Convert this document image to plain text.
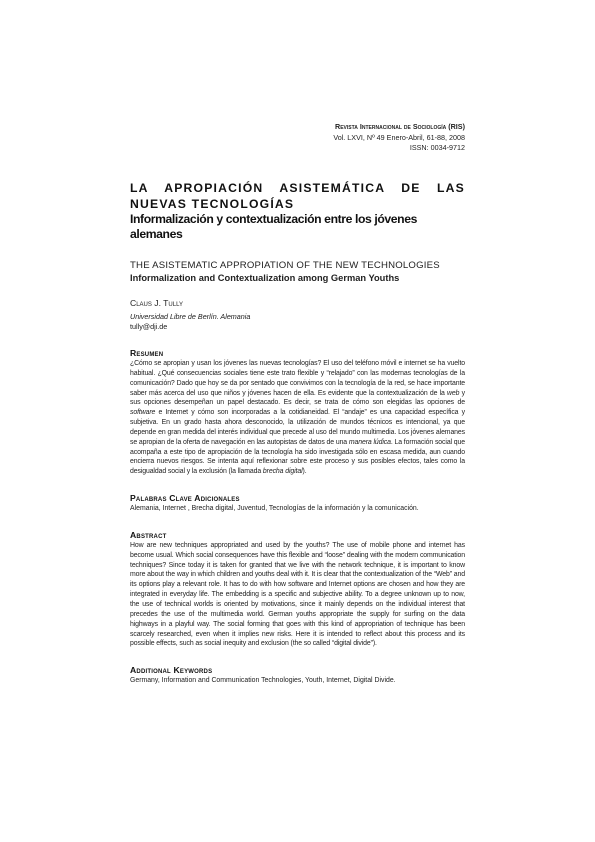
Revista Internacional de Sociología (RIS)
Vol. LXVI, Nº 49 Enero-Abril, 61-88, 2008
ISSN: 0034-9712
LA APROPIACIÓN ASISTEMÁTICA DE LAS NUEVAS TECNOLOGÍAS
Informalización y contextualización entre los jóvenes alemanes
THE ASISTEMATIC APPROPIATION OF THE NEW TECHNOLOGIES
Informalization and Contextualization among German Youths
Claus J. Tully
Universidad Libre de Berlín. Alemania
tully@dji.de
Resumen

¿Cómo se apropian y usan los jóvenes las nuevas tecnologías? El uso del teléfono móvil e internet se ha vuelto habitual. ¿Qué consecuencias sociales tiene este trato flexible y “relajado” con las modernas tecnologías de la comunicación? Dado que hoy se da por sentado que convivimos con la tecnología de la red, se hace importante saber más acerca del uso que niños y jóvenes hacen de ella. Es evidente que la contextualización de la web y sus opciones desempeñan un papel destacado. Es decir, se trata de cómo son elegidas las opciones de software e Internet y cómo son incorporadas a la cotidianeidad. El “andaje” es una capacidad específica y subjetiva. En un grado hasta ahora desconocido, la utilización de mundos técnicos es intencional, ya que depende en gran medida del interés individual que precede al uso del mundo multimedia. Los jóvenes alemanes se apropian de la oferta de navegación en las autopistas de datos de una manera lúdica. La formación social que acompaña a este tipo de apropiación de la tecnología ha sido investigada sólo en escasa medida, aun cuando encierra nuevos riesgos. Se intenta aquí reflexionar sobre este proceso y sus posibles efectos, tales como la desigualdad social y la exclusión (la llamada brecha digital).

Palabras Clave Adicionales

Alemania, Internet , Brecha digital, Juventud, Tecnologías de la información y la comunicación.

Abstract

How are new techniques appropriated and used by the youths? The use of mobile phone and internet has become usual. Which social consequences have this flexible and “loose” dealing with the modern communication techniques? Since today it is taken for granted that we live with the network technique, it is important to know more about the way in which children and youths deal with it. It is clear that the contextualization of the “Web” and its options play a relevant role. It has to do with how software and Internet options are chosen and how they are integrated in everyday life. The embedding is a specific and subjective ability. To a degree unknown up to now, the use of technical worlds is oriented by motivations, since it mainly depends on the individual interest that precedes the use of the multimedia world. German youths appropriate the supply for surfing on the data highways in a playful way. The social forming that goes with this kind of appropriation of technique has been scarcely researched, even when it implies new risks. Here it is intended to reflect about this process and its possible effects, such as social inequity and exclusion (the so called “digital divide”).

Additional Keywords

Germany, Information and Communication Technologies, Youth, Internet, Digital Divide.
